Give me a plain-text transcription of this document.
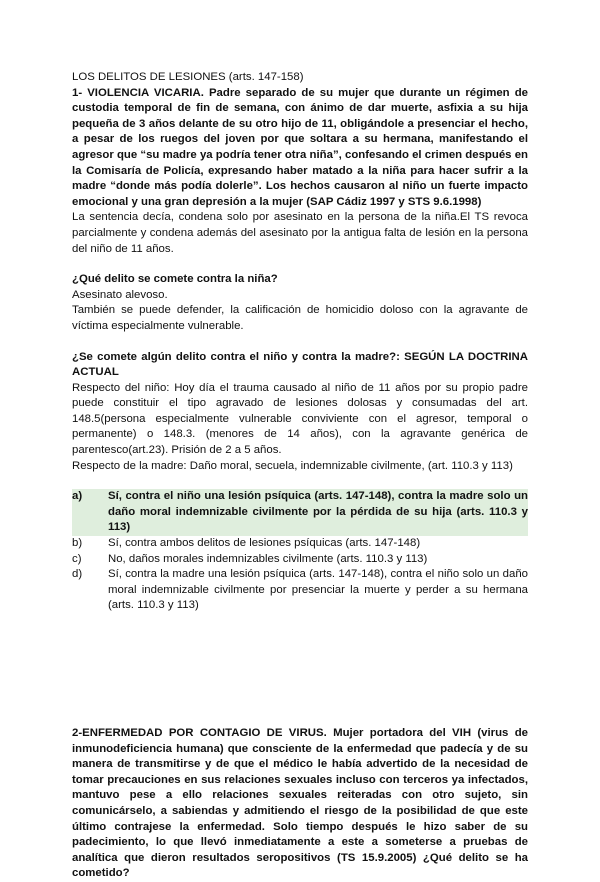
LOS DELITOS DE LESIONES (arts. 147-158)

1- VIOLENCIA VICARIA. Padre separado de su mujer que durante un régimen de custodia temporal de fin de semana, con ánimo de dar muerte, asfixia a su hija pequeña de 3 años delante de su otro hijo de 11, obligándole a presenciar el hecho, a pesar de los ruegos del joven por que soltara a su hermana, manifestando el agresor que “su madre ya podría tener otra niña”, confesando el crimen después en la Comisaría de Policía, expresando haber matado a la niña para hacer sufrir a la madre “donde más podía dolerle”. Los hechos causaron al niño un fuerte impacto emocional y una gran depresión a la mujer (SAP Cádiz 1997 y STS 9.6.1998)

La sentencia decía, condena solo por asesinato en la persona de la niña.El TS revoca parcialmente y condena además del asesinato por la antigua falta de lesión en la persona del niño de 11 años.

¿Qué delito se comete contra la niña?

Asesinato alevoso.

También se puede defender, la calificación de homicidio doloso con la agravante de víctima especialmente vulnerable.

¿Se comete algún delito contra el niño y contra la madre?: SEGÚN LA DOCTRINA ACTUAL

Respecto del niño: Hoy día el trauma causado al niño de 11 años por su propio padre puede constituir el tipo agravado de lesiones dolosas y consumadas del art. 148.5(persona especialmente vulnerable conviviente con el agresor, temporal o permanente) o 148.3. (menores de 14 años), con la agravante genérica de parentesco(art.23). Prisión de 2 a 5 años.

Respecto de la madre: Daño moral, secuela, indemnizable civilmente, (art. 110.3 y 113)

a)	Sí, contra el niño una lesión psíquica (arts. 147-148), contra la madre solo un daño moral indemnizable civilmente por la pérdida de su hija (arts. 110.3 y 113)
b)	Sí, contra ambos delitos de lesiones psíquicas (arts. 147-148)
c)	No, daños morales indemnizables civilmente (arts. 110.3 y 113)
d)	Sí, contra la madre una lesión psíquica (arts. 147-148), contra el niño solo un daño moral indemnizable civilmente por presenciar la muerte y perder a su hermana (arts. 110.3 y 113)

2-ENFERMEDAD POR CONTAGIO DE VIRUS. Mujer portadora del VIH (virus de inmunodeficiencia humana) que consciente de la enfermedad que padecía y de su manera de transmitirse y de que el médico le había advertido de la necesidad de tomar precauciones en sus relaciones sexuales incluso con terceros ya infectados, mantuvo pese a ello relaciones sexuales reiteradas con otro sujeto, sin comunicárselo, a sabiendas y admitiendo el riesgo de la posibilidad de que este último contrajese la enfermedad. Solo tiempo después le hizo saber de su padecimiento, lo que llevó inmediatamente a este a someterse a pruebas de analítica que dieron resultados seropositivos (TS 15.9.2005) ¿Qué delito se ha cometido?
